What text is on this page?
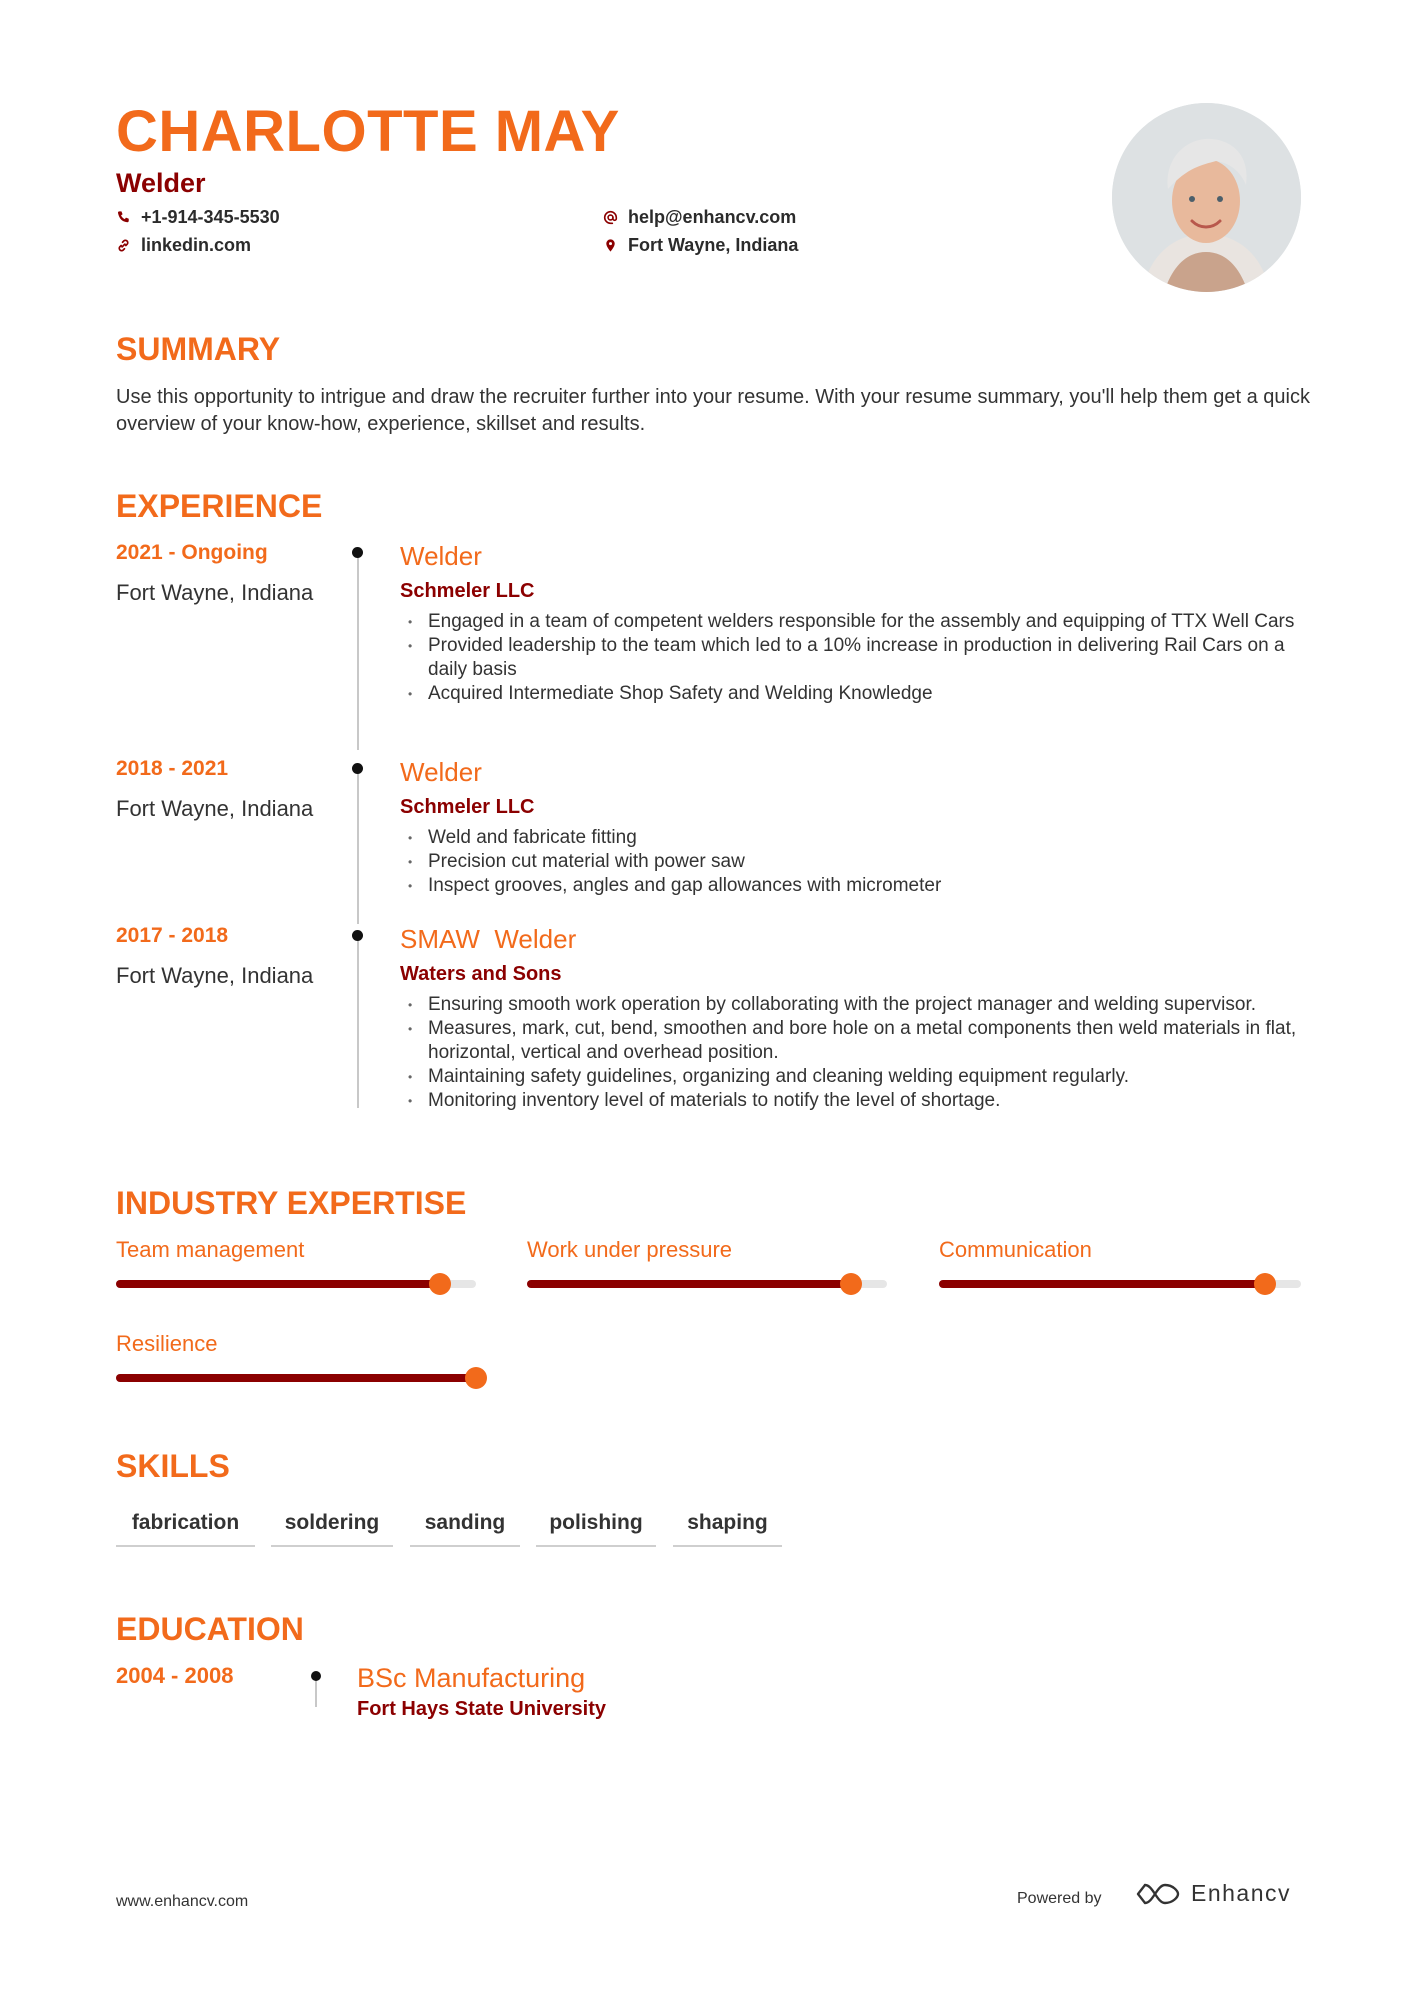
CHARLOTTE MAY
Welder
+1-914-345-5530
linkedin.com
help@enhancv.com
Fort Wayne, Indiana
SUMMARY
Use this opportunity to intrigue and draw the recruiter further into your resume. With your resume summary, you'll help them get a quick overview of your know-how, experience, skillset and results.
EXPERIENCE
2021 - Ongoing
Fort Wayne, Indiana
Welder
Schmeler LLC
• Engaged in a team of competent welders responsible for the assembly and equipping of TTX Well Cars
• Provided leadership to the team which led to a 10% increase in production in delivering Rail Cars on a daily basis
• Acquired Intermediate Shop Safety and Welding Knowledge
2018 - 2021
Fort Wayne, Indiana
Welder
Schmeler LLC
• Weld and fabricate fitting
• Precision cut material with power saw
• Inspect grooves, angles and gap allowances with micrometer
2017 - 2018
Fort Wayne, Indiana
SMAW  Welder
Waters and Sons
• Ensuring smooth work operation by collaborating with the project manager and welding supervisor.
• Measures, mark, cut, bend, smoothen and bore hole on a metal components then weld materials in flat, horizontal, vertical and overhead position.
• Maintaining safety guidelines, organizing and cleaning welding equipment regularly.
• Monitoring inventory level of materials to notify the level of shortage.
INDUSTRY EXPERTISE
Team management	Work under pressure	Communication
Resilience
SKILLS
fabrication	soldering	sanding	polishing	shaping
EDUCATION
2004 - 2008	BSc Manufacturing
Fort Hays State University
www.enhancv.com	Powered by	Enhancv
